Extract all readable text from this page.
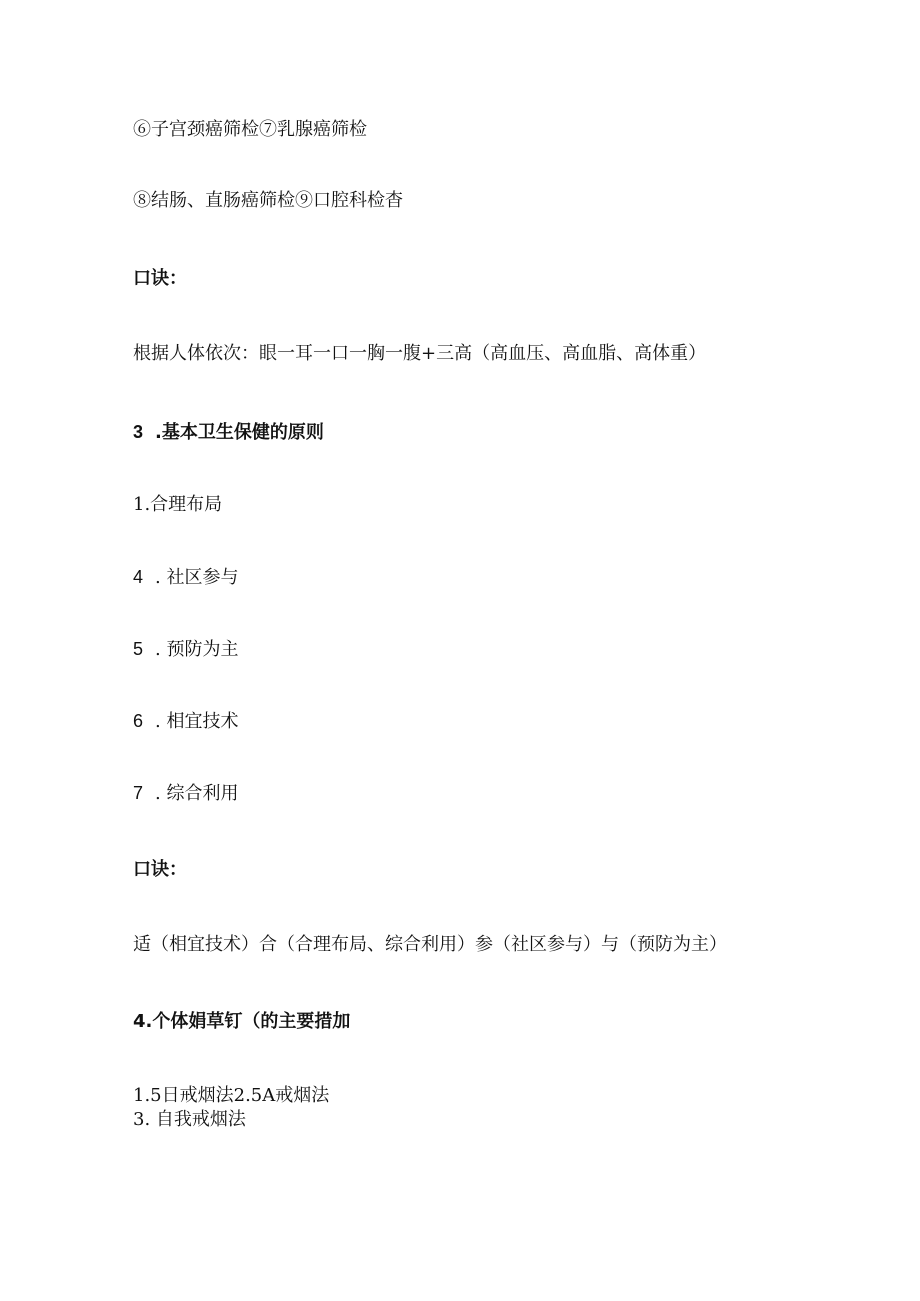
⑥子宫颈癌筛检⑦乳腺癌筛检
⑧结肠、直肠癌筛检⑨口腔科检杳
口诀：
根据人体依次：眼一耳一口一胸一腹+三高（高血压、高血脂、高体重）
3 .基本卫生保健的原则
1.合理布局
4 . 社区参与
5 . 预防为主
6 . 相宜技术
7 . 综合利用
口诀：
适（相宜技术）合（合理布局、综合利用）参（社区参与）与（预防为主）
4.个体娟草钉（的主要措加
1.5日戒烟法2.5A戒烟法
3. 自我戒烟法
